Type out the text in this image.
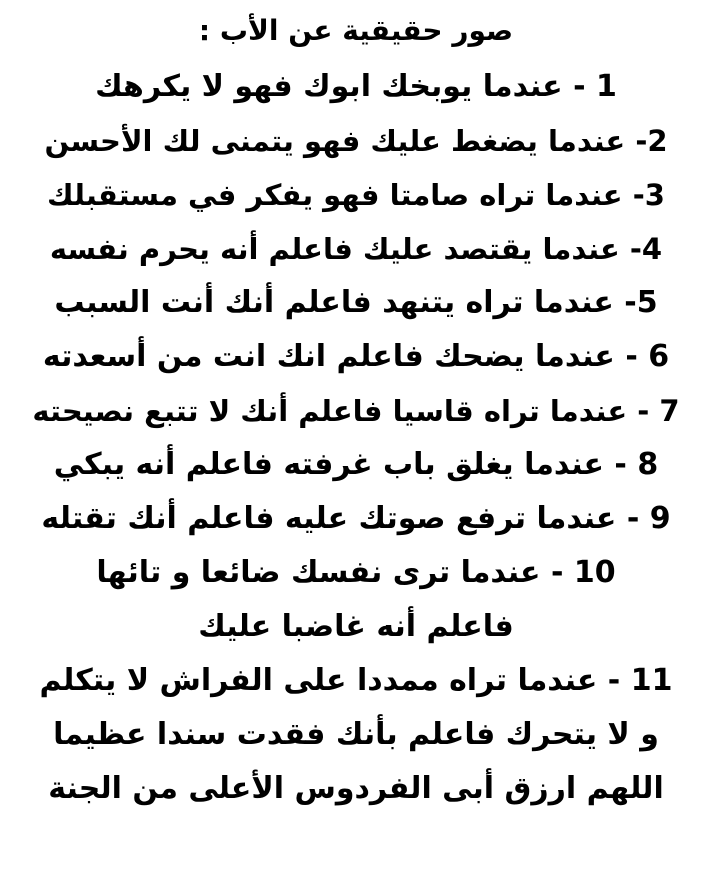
صور حقيقية عن الأب :
1 - عندما يوبخك ابوك فهو لا يكرهك
2- عندما يضغط عليك فهو يتمنى لك الأحسن
3- عندما تراه صامتا فهو يفكر في مستقبلك
4- عندما يقتصد عليك فاعلم أنه يحرم نفسه
5- عندما تراه يتنهد فاعلم أنك أنت السبب
6 - عندما يضحك فاعلم انك انت من أسعدته
7 - عندما تراه قاسيا فاعلم أنك لا تتبع نصيحته
8 - عندما يغلق باب غرفته فاعلم أنه يبكي
9 - عندما ترفع صوتك عليه فاعلم أنك تقتله
10 - عندما ترى نفسك ضائعا و تائها
فاعلم أنه غاضبا عليك
11 - عندما تراه ممددا على الفراش لا يتكلم
و لا يتحرك فاعلم بأنك فقدت سندا عظيما
اللهم ارزق أبى الفردوس الأعلى من الجنة
